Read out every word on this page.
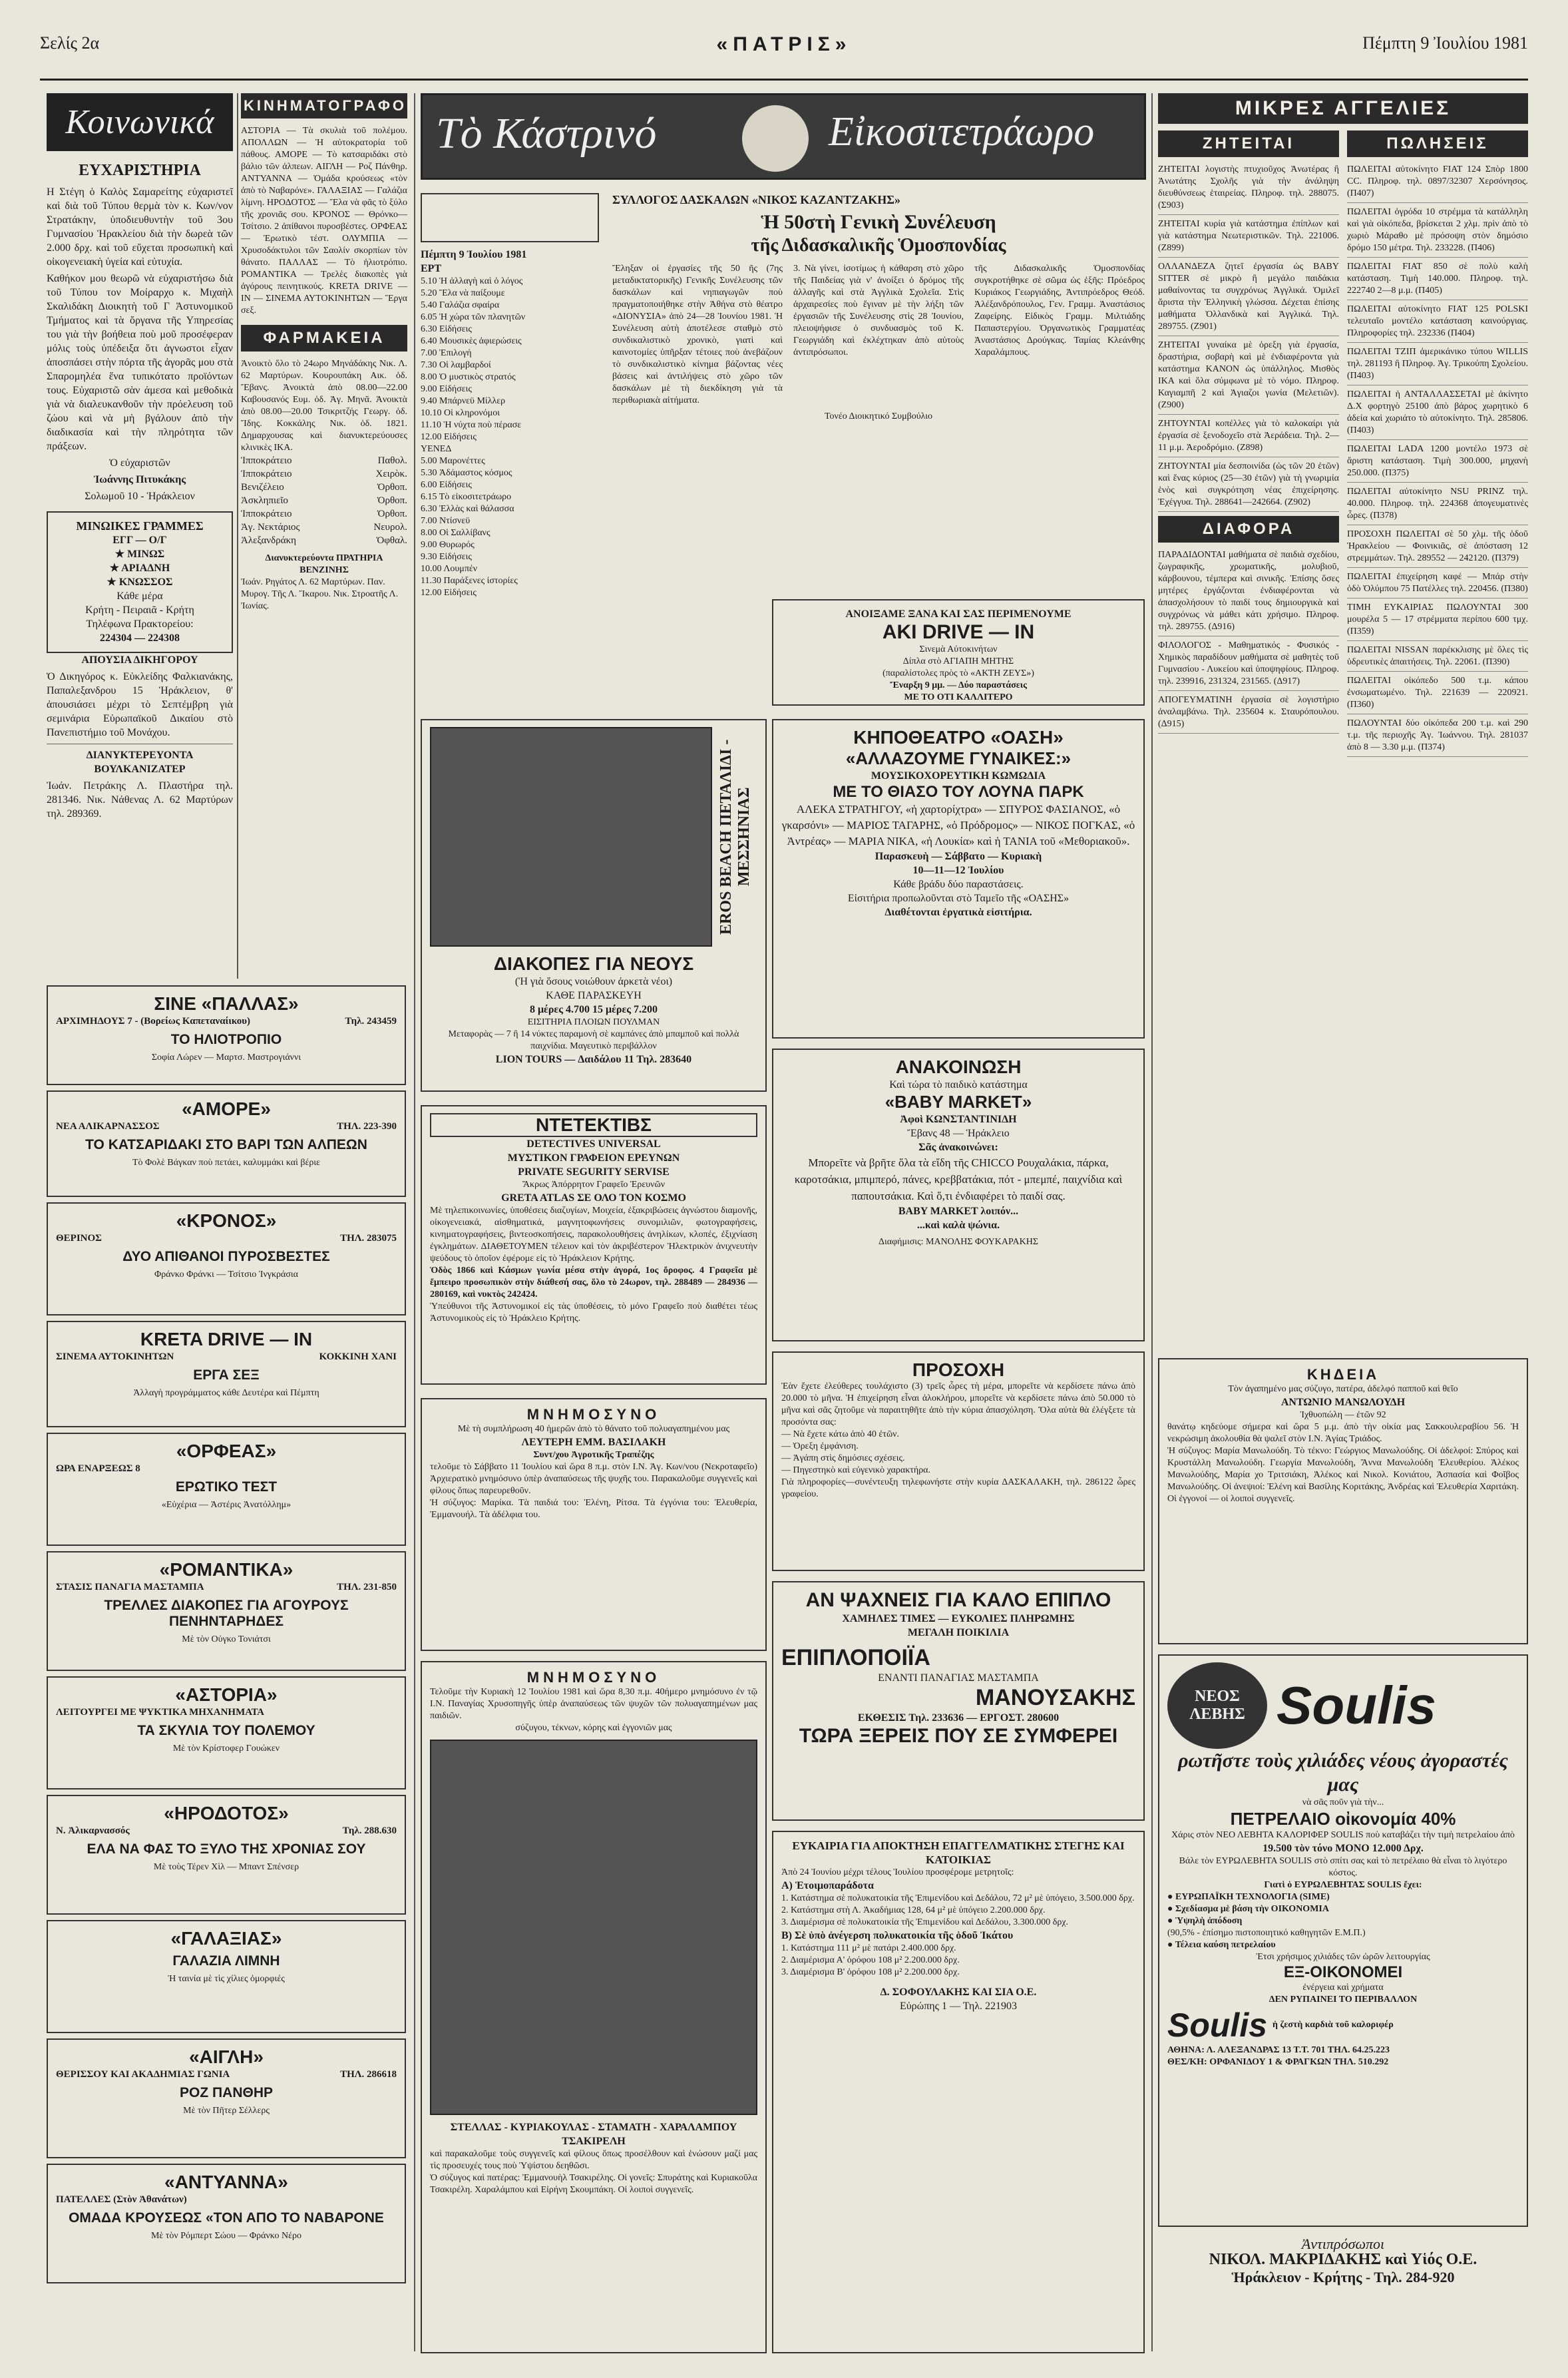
Σελίς 2α	«ΠΑΤΡΙΣ»	Πέμπτη 9 Ἰουλίου 1981
Κοινωνικά
ΕΥΧΑΡΙΣΤΗΡΙΑ

Η Στέγη ὁ Καλὸς Σαμαρείτης εὐχαριστεῖ καὶ διὰ τοῦ Τύπου θερμὰ τὸν κ. Κων/νον Στρατάκην, ὑποδιευθυντὴν τοῦ 3ου Γυμνασίου Ἡρακλείου διὰ τὴν δωρεὰ τῶν 2.000 δρχ. καὶ τοῦ εὔχεται προσωπικὴ καὶ οἰκογενειακὴ ὑγεία καὶ εὐτυχία.

Καθήκον μου θεωρῶ νὰ εὐχαριστήσω διὰ τοῦ Τύπου τον Μοίραρχο κ. Μιχαὴλ Σκαλιδάκη Διοικητὴ τοῦ Γ Ἀστυνομικοῦ Τμήματος καὶ τὰ ὄργανα τῆς Υπηρεσίας του γιὰ τὴν βοήθεια ποὺ μοῦ προσέφεραν μόλις τοὺς ὑπέδειξα ὅτι ἀγνωστοι εἶχαν ἀποσπάσει στὴν πόρτα τῆς ἀγορᾶς μου στὰ Σπαρομηλέα ἕνα τυπικότατο προϊόντων τους. Εὐχαριστῶ σὰν άμεσα καὶ μεθοδικὰ γιὰ νὰ διαλευκανθοῦν τὴν πρόελευση τοῦ ζώου καὶ νὰ μὴ βγάλουν ἀπὸ τὴν διαδικασία καὶ τὴν πληρότητα τῶν πράξεων.

Ὁ εὐχαριστῶν

Ἰωάννης Πιτυκάκης

Σολωμοῦ 10 - Ἡράκλειον

ΜΙΝΩΙΚΕΣ ΓΡΑΜΜΕΣ
ΕΓΓ — Ο/Γ
★ ΜΙΝΩΣ
★ ΑΡΙΑΔΝΗ
★ ΚΝΩΣΣΟΣ
Κάθε μέρα
Κρήτη - Πειραιᾶ - Κρήτη
Τηλέφωνα Πρακτορείου:
224304 — 224308

ΑΠΟΥΣΙΑ ΔΙΚΗΓΟΡΟΥ

Ὁ Δικηγόρος κ. Εὐκλείδης Φαλκιανάκης, Παπαλεξανδρου 15 Ἡράκλειον, θ' ἀπουσιάσει μέχρι τὸ Σεπτέμβρη γιὰ σεμινάρια Εὐρωπαϊκοῦ Δικαίου στὸ Πανεπιστήμιο τοῦ Μονάχου.

ΔΙΑΝΥΚΤΕΡΕΥΟΝΤΑ ΒΟΥΛΚΑΝΙΖΑΤΕΡ

Ἰωάν. Πετράκης Λ. Πλαστήρα τηλ. 281346. Νικ. Νάθενας Λ. 62 Μαρτύρων τηλ. 289369.

ΚΙΝΗΜΑΤΟΓΡΑΦΟΙ
ΑΣΤΟΡΙΑ — Τὰ σκυλιὰ τοῦ πολέμου. ΑΠΟΛΛΩΝ — Ἡ αὐτοκρατορία τοῦ πάθους. ΑΜΟΡΕ — Τὸ κατσαριδάκι στὸ βάλιο τῶν ἀλπεων. ΑΙΓΛΗ — Ροζ Πάνθηρ. ΑΝΤΥΑΝΝΑ — Ὀμάδα κρούσεως «τὸν ἀπὸ τὸ Ναβαρόνε». ΓΑΛΑΞΙΑΣ — Γαλάζια λίμνη. ΗΡΟΔΟΤΟΣ — Ἕλα νὰ φᾶς τὸ ξύλο τῆς χρονιᾶς σου. ΚΡΟΝΟΣ — Θρόνκο—Τσίτσιο. 2 ἀπίθανοι πυροσβέστες. ΟΡΦΕΑΣ — Ἐρωτικὸ τέστ. ΟΛΥΜΠΙΑ — Χρυσοδάκτυλοι τῶν Σαολίν σκορπίων τὸν θάνατο. ΠΑΛΛΑΣ — Τὸ ἡλιοτρόπιο. ΡΟΜΑΝΤΙΚΑ — Τρελὲς διακοπὲς γιὰ ἀγόρους πεινητικούς. KRETA DRIVE — IN — ΣΙΝΕΜΑ ΑΥΤΟΚΙΝΗΤΩΝ — Ἔργα σεξ.
ΦΑΡΜΑΚΕΙΑ
Ἀνοικτὸ ὅλο τὸ 24ωρο Μηνάδάκης Νικ. Λ. 62 Μαρτύρων. Κουρουπάκη Αικ. ὁδ. Ἔβανς. Ἀνοικτὰ ἀπὸ 08.00—22.00 Καβουσανός Ευμ. ὁδ. Ἀγ. Μηνᾶ. Ἀνοικτὰ ἀπὸ 08.00—20.00 Τσικριτζής Γεωργ. ὁδ. Ἴδης. Κοκκάλης Νικ. ὁδ. 1821. Δημαρχουσας καὶ διανυκτερεύουσες κλινικὲς ΙΚΑ.
Ἱπποκράτειο	Παθολ.
Ἱπποκράτειο	Χειρὸκ.
Βενιζέλειο	Ὀρθοπ.
Ἀσκληπιεῖο	Ὀρθοπ.
Ἱπποκράτειο	Ὀρθοπ.
Ἀγ. Νεκτάριος	Νευρολ.
Ἀλεξανδράκη	Ὀφθαλ.
Διανυκτερεύοντα ΠΡΑΤΗΡΙΑ ΒΕΝΖΙΝΗΣ
Ἰωάν. Ρηγάτος Λ. 62 Μαρτύρων. Παν. Μυρογ. Τῆς Λ. Ἴκαρου. Νικ. Στροατῆς Λ. Ἰωνίας.
ΣΙΝΕ «ΠΑΛΛΑΣ»
ΑΡΧΙΜΗΔΟΥΣ 7 - (Βορείως Καπεταναίικου)	Τηλ. 243459
ΤΟ ΗΛΙΟΤΡΟΠΙΟ
Σοφία Λώρεν — Μαρτσ. Μαστρογιάννι
«ΑΜΟΡΕ»
ΝΕΑ ΑΛΙΚΑΡΝΑΣΣΟΣ	ΤΗΛ. 223-390
ΤΟ ΚΑΤΣΑΡΙΔΑΚΙ ΣΤΟ ΒΑΡΙ ΤΩΝ ΑΛΠΕΩΝ
Τὸ Φολὲ Βάγκαν ποὺ πετάει, καλυμμάκι καὶ βέριε
«ΚΡΟΝΟΣ»
ΘΕΡΙΝΟΣ	ΤΗΛ. 283075
ΔΥΟ ΑΠΙΘΑΝΟΙ ΠΥΡΟΣΒΕΣΤΕΣ
Φράνκο Φράνκι — Τσίτσιο Ἰνγκράσια
KRETA DRIVE — IN
ΣΙΝΕΜΑ ΑΥΤΟΚΙΝΗΤΩΝ	ΚΟΚΚΙΝΗ ΧΑΝΙ
ΕΡΓΑ ΣΕΞ
Ἀλλαγὴ προγράμματος κάθε Δευτέρα καὶ Πέμπτη
«ΟΡΦΕΑΣ»
ΩΡΑ ΕΝΑΡΞΕΩΣ 8
ΕΡΩΤΙΚΟ ΤΕΣΤ
«Εὐχέρια — Ἀστέρις Ἀνατόλλημ»
«ΡΟΜΑΝΤΙΚΑ»
ΣΤΑΣΙΣ ΠΑΝΑΓΙΑ ΜΑΣΤΑΜΠΑ	ΤΗΛ. 231-850
ΤΡΕΛΛΕΣ ΔΙΑΚΟΠΕΣ ΓΙΑ ΑΓΟΥΡΟΥΣ ΠΕΝΗΝΤΑΡΗΔΕΣ
Μὲ τὸν Οὐγκο Τονιάτσι
«ΑΣΤΟΡΙΑ»
ΛΕΙΤΟΥΡΓΕΙ ΜΕ ΨΥΚΤΙΚΑ ΜΗΧΑΝΗΜΑΤΑ
ΤΑ ΣΚΥΛΙΑ ΤΟΥ ΠΟΛΕΜΟΥ
Μὲ τὸν Κρίστοφερ Γουώκεν
«ΗΡΟΔΟΤΟΣ»
Ν. Ἀλικαρνασσός	Τηλ. 288.630
ΕΛΑ ΝΑ ΦΑΣ ΤΟ ΞΥΛΟ ΤΗΣ ΧΡΟΝΙΑΣ ΣΟΥ
Μὲ τοὺς Τέρεν Χὶλ — Μπαντ Σπένσερ
«ΓΑΛΑΞΙΑΣ»
ΓΑΛΑΖΙΑ ΛΙΜΝΗ
Ἡ ταινία μὲ τὶς χίλιες ὀμορφιές
«ΑΙΓΛΗ»
ΘΕΡΙΣΣΟΥ ΚΑΙ ΑΚΑΔΗΜΙΑΣ ΓΩΝΙΑ	ΤΗΛ. 286618
ΡΟΖ ΠΑΝΘΗΡ
Μὲ τὸν Πῆτερ Σέλλερς
«ΑΝΤΥΑΝΝΑ»
ΠΑΤΕΛΛΕΣ (Στὸν Ἀθανάτων)
ΟΜΑΔΑ ΚΡΟΥΣΕΩΣ «ΤΟΝ ΑΠΟ ΤΟ ΝΑΒΑΡΟΝΕ
Μὲ τὸν Ρόμπερτ Σώου — Φράνκο Νέρο
Τὸ Κάστρινό	Εἰκοσιτετράωρο
Πέμπτη 9 Ἰουλίου 1981
ΕΡΤ
5.10 Ἡ ἀλλαγὴ καὶ ὁ λόγος
5.20 Ἕλα νὰ παίξουμε
5.40 Γαλάζια σφαίρα
6.05 Ἡ χώρα τῶν πλανητῶν
6.30 Εἰδήσεις
6.40 Μουσικὲς ἀφιερώσεις
7.00 Ἐπιλογή
7.30 Οἱ λαμβαρδοί
8.00 Ὁ μυστικὸς στρατός
9.00 Εἰδήσεις
9.40 Μπάρνεϋ Μίλλερ
10.10 Οἱ κληρονόμοι
11.10 Ἡ νύχτα ποὺ πέρασε
12.00 Εἰδήσεις
ΥΕΝΕΔ
5.00 Μαρονέττες
5.30 Ἀδάμαστος κόσμος
6.00 Εἰδήσεις
6.15 Τὸ εἰκοσιτετράωρο
6.30 Ἑλλὰς καὶ θάλασσα
7.00 Ντίσνεϋ
8.00 Οἱ Σαλλίβανς
9.00 Θυρωρός
9.30 Εἰδήσεις
10.00 Λουμπέν
11.30 Παράξενες ἱστορίες
12.00 Εἰδήσεις
ΣΥΛΛΟΓΟΣ ΔΑΣΚΑΛΩΝ «ΝΙΚΟΣ ΚΑΖΑΝΤΖΑΚΗΣ»
Ἡ 50στὴ Γενικὴ Συνέλευση
τῆς Διδασκαλικῆς Ὁμοσπονδίας
Ἔληξαν οἱ ἐργασίες τῆς 50 ῆς (7ης μεταδικτατορικῆς) Γενικῆς Συνέλευσης τῶν δασκάλων καὶ νηπιαγωγῶν ποὺ πραγματοποιήθηκε στὴν Ἀθήνα στὸ θέατρο «ΔΙΟΝΥΣΙΑ» ἀπὸ 24—28 Ἰουνίου 1981. Ἡ Συνέλευση αὐτὴ ἀποτέλεσε σταθμὸ στὸ συνδικαλιστικὸ χρονικὸ, γιατὶ καὶ καινοτομίες ὑπῆρξαν τέτοιες ποὺ ἀνεβάζουν τὸ συνδικαλιστικὸ κίνημα βάζοντας νέες βάσεις καὶ ἀντιλήψεις στὸ χῶρο τῶν δασκάλων μὲ τὴ διεκδίκηση γιὰ τὰ περιθωριακὰ αἰτήματα.
3. Νὰ γίνει, ἰσοτίμως ἡ κάθαρση στὸ χῶρο τῆς Παιδείας γιὰ ν' ἀνοίξει ὁ δρόμος τῆς ἀλλαγῆς καὶ στὰ Ἀγγλικὰ Σχολεῖα. Στὶς ἀρχαιρεσίες ποὺ ἔγιναν μὲ τὴν λήξη τῶν ἐργασιῶν τῆς Συνέλευσης στὶς 28 Ἰουνίου, πλειοψήφισε ὁ συνδυασμὸς τοῦ Κ. Γεωργιάδη καὶ ἐκλέχτηκαν ἀπὸ αὐτοὺς ἀντιπρόσωποι.
τῆς Διδασκαλικῆς Ὁμοσπονδίας συγκροτήθηκε σὲ σῶμα ὡς ἑξῆς: Πρόεδρος Κυριάκος Γεωργιάδης, Ἀντιπρόεδρος Θεόδ. Ἀλέξανδρόπουλος, Γεν. Γραμμ. Ἀναστάσιος Ζαφείρης. Εἰδικὸς Γραμμ. Μιλτιάδης Παπαστεργίου. Ὀργανωτικὸς Γραμματέας Ἀναστάσιος Δρούγκας. Ταμίας Κλεάνθης Χαραλάμπους.
Τονέο Διοικητικό Συμβούλιο
ΑΝΟΙΞΑΜΕ ΞΑΝΑ ΚΑΙ ΣΑΣ ΠΕΡΙΜΕΝΟΥΜΕ
AKI DRIVE — IN
Σινεμὰ Αὐτοκινήτων
Δίπλα στὸ ΑΓΙΑΠΗ ΜΗΤΗΣ
(παραλίστολες πρὸς τὸ «ΑΚΤΗ ΖΕΥΣ»)
Ἔναρξη 9 μμ. — Δύο παραστάσεις
ΜΕ ΤΟ ΟΤΙ ΚΑΛΛΙΤΕΡΟ
EROS BEACH ΠΕΤΑΛΙΔΙ - ΜΕΣΣΗΝΙΑΣ
ΔΙΑΚΟΠΕΣ ΓΙΑ ΝΕΟΥΣ
(Ἡ γιὰ ὅσους νοιώθουν ἀρκετὰ νέοι)
ΚΑΘΕ ΠΑΡΑΣΚΕΥΗ
8 μέρες 4.700 15 μέρες 7.200
ΕΙΣΙΤΗΡΙΑ ΠΛΟΙΩΝ ΠΟΥΛΜΑΝ
Μεταφορὰς — 7 ἢ 14 νύκτες παραμονὴ σὲ καμπάνες ἀπὸ μπαμποῦ καὶ πολλὰ παιχνίδια. Μαγευτικὸ περιβάλλον
LION TOURS — Δαιδάλου 11 Τηλ. 283640
ΝΤΕΤΕΚΤΙΒΣ
DETECTIVES UNIVERSAL
ΜΥΣΤΙΚΟΝ ΓΡΑΦΕΙΟΝ ΕΡΕΥΝΩΝ
PRIVATE SEGURITY SERVISE
Ἄκρως Ἀπόρρητον Γραφεῖο Ἐρευνῶν
GRETA ATLAS ΣΕ ΟΛΟ ΤΟΝ ΚΟΣΜΟ
Μὲ τηλεπικοινωνίες, ὑποθέσεις διαζυγίων, Μοιχεία, ἐξακριβώσεις ἀγνώστου διαμονῆς, οἰκογενειακά, αἰσθηματικά, μαγνητοφωνήσεις συνομιλιῶν, φωτογραφήσεις, κινηματογραφήσεις, βιντεοσκοπήσεις, παρακολουθήσεις ἀνηλίκων, κλοπές, ἐξιχνίαση ἐγκλημάτων. ΔΙΑΘΕΤΟΥΜΕΝ τέλειον καὶ τὸν ἀκριβέστερον Ἠλεκτρικὸν ἀνιχνευτὴν ψεύδους τὸ ὁποῖον ἐφέρομε εἰς τὸ Ἡράκλειον Κρήτης.
Ὁδὸς 1866 καὶ Κάσμων γωνία μέσα στὴν ἀγορά, 1ος ὄροφος. 4 Γραφεῖα μὲ ἔμπειρο προσωπικὸν στὴν διάθεσή σας, ὅλο τὸ 24ωρον, τηλ. 288489 — 284936 — 280169, καὶ νυκτὸς 242424.
Ὑπεύθυνοι τῆς Ἀστυνομικοί εἰς τὰς ὑποθέσεις, τὸ μόνο Γραφεῖο ποὺ διαθέτει τέως Ἀστυνομικοὺς εἰς τὸ Ἡράκλειο Κρήτης.
ΚΗΠΟΘΕΑΤΡΟ «ΟΑΣΗ»
«ΑΛΛΑΖΟΥΜΕ ΓΥΝΑΙΚΕΣ:»
ΜΟΥΣΙΚΟΧΟΡΕΥΤΙΚΗ ΚΩΜΩΔΙΑ
ΜΕ ΤΟ ΘΙΑΣΟ ΤΟΥ ΛΟΥΝΑ ΠΑΡΚ
ΑΛΕΚΑ ΣΤΡΑΤΗΓΟΥ, «ἡ χαρτορίχτρα» — ΣΠΥΡΟΣ ΦΑΣΙΑΝΟΣ, «ὁ γκαρσόνι» — ΜΑΡΙΟΣ ΤΑΓΑΡΗΣ, «ὁ Πρόδρομος» — ΝΙΚΟΣ ΠΟΓΚΑΣ, «ὁ Ἀντρέας» — ΜΑΡΙΑ ΝΙΚΑ, «ἡ Λουκία» καὶ ἡ ΤΑΝΙΑ τοῦ «Μεθοριακοῦ».
Παρασκευὴ — Σάββατο — Κυριακὴ
10—11—12 Ἰουλίου
Κάθε βράδυ δύο παραστάσεις.
Εἰσιτήρια προπωλοῦνται στὸ Ταμεῖο τῆς «ΟΑΣΗΣ»
Διαθέτονται ἐργατικὰ εἰσιτήρια.
ΑΝΑΚΟΙΝΩΣΗ
Καὶ τώρα τὸ παιδικὸ κατάστημα
«BABY MARKET»
Ἀφοὶ ΚΩΝΣΤΑΝΤΙΝΙΔΗ
Ἔβανς 48 — Ἡράκλειο
Σᾶς ἀνακοινώνει:
Μπορεῖτε νὰ βρῆτε ὅλα τὰ εἴδη τῆς CHICCO Ρουχαλάκια, πάρκα, καροτσάκια, μπιμπερό, πάνες, κρεββατάκια, πότ - μπεμπέ, παιχνίδια καὶ παπουτσάκια. Καὶ ὅ,τι ἐνδιαφέρει τὸ παιδί σας.
BABY MARKET λοιπόν...
...καὶ καλὰ ψώνια.
Διαφήμισις: ΜΑΝΟΛΗΣ ΦΟΥΚΑΡΑΚΗΣ
ΜΝΗΜΟΣΥΝΟ
Μὲ τὴ συμπλήρωση 40 ἡμερῶν ἀπὸ τὸ θάνατο τοῦ πολυαγαπημένου μας
ΛΕΥΤΕΡΗ ΕΜΜ. ΒΑΣΙΛΑΚΗ
Συντ/χου Ἀγροτικῆς Τραπέζης
τελοῦμε τὸ Σάββατο 11 Ἰουλίου καὶ ὥρα 8 π.μ. στὸν Ι.Ν. Ἁγ. Κων/νου (Νεκροταφεῖο) Ἀρχιερατικὸ μνημόσυνο ὑπὲρ ἀναπαύσεως τῆς ψυχῆς του. Παρακαλοῦμε συγγενεῖς καὶ φίλους ὅπως παρευρεθοῦν.
Ἡ σύζυγος: Μαρίκα. Τὰ παιδιά του: Ἐλένη, Ρίτσα. Τὰ ἐγγόνια του: Ἐλευθερία, Ἐμμανουήλ. Τὰ ἀδέλφια του.
ΜΝΗΜΟΣΥΝΟ
Τελοῦμε τὴν Κυριακὴ 12 Ἰουλίου 1981 καὶ ὥρα 8,30 π.μ. 40ήμερο μνημόσυνο ἐν τῷ Ι.Ν. Παναγίας Χρυσοπηγῆς ὑπὲρ ἀναπαύσεως τῶν ψυχῶν τῶν πολυαγαπημένων μας παιδιῶν.
σύζυγου, τέκνων, κόρης καὶ ἐγγονιῶν μας
ΣΤΕΛΛΑΣ - ΚΥΡΙΑΚΟΥΛΑΣ - ΣΤΑΜΑΤΗ - ΧΑΡΑΛΑΜΠΟΥ ΤΣΑΚΙΡΕΛΗ
καὶ παρακαλοῦμε τοὺς συγγενεῖς καὶ φίλους ὅπως προσέλθουν καὶ ἑνώσουν μαζί μας τὶς προσευχές τους ποὺ Ὑψίστου δεηθῶσι.
Ὁ σύζυγος καὶ πατέρας: Ἐμμανουὴλ Τσακιρέλης. Οἱ γονεῖς: Σπυράτης καὶ Κυριακοῦλα Τσακιρέλη. Χαραλάμπου καὶ Εἰρήνη Σκουμπάκη. Οἱ λοιποὶ συγγενεῖς.
ΠΡΟΣΟΧΗ
Ἐὰν ἔχετε ἐλεύθερες τουλάχιστο (3) τρεῖς ὧρες τὴ μέρα, μπορεῖτε νὰ κερδίσετε πάνω ἀπὸ 20.000 τὸ μῆνα. Ἡ ἐπιχείρηση εἶναι ἀλοκλήρου, μπορεῖτε νὰ κερδίσετε πάνω ἀπὸ 50.000 τὸ μῆνα καὶ σᾶς ζητοῦμε νὰ παραιτηθῆτε ἀπὸ τὴν κύρια ἀπασχόληση. Ὅλα αὐτὰ θὰ ἐλέγξετε τὰ προσόντα σας:
— Νὰ ἔχετε κάτω ἀπὸ 40 ἐτῶν.
— Ὀρεξη ἐμφάνιση.
— Ἀγάπη στὶς δημόσιες σχέσεις.
— Πηγεστηκὸ καὶ εὐγενικὸ χαρακτήρα.
Γιὰ πληροφορίες—συνέντευξη τηλεφωνήστε στὴν κυρία ΔΑΣΚΑΛΑΚΗ, τηλ. 286122 ὧρες γραφείου.
ΑΝ ΨΑΧΝΕΙΣ ΓΙΑ ΚΑΛΟ ΕΠΙΠΛΟ
ΧΑΜΗΛΕΣ ΤΙΜΕΣ — ΕΥΚΟΛΙΕΣ ΠΛΗΡΩΜΗΣ
ΜΕΓΑΛΗ ΠΟΙΚΙΛΙΑ
ΕΠΙΠΛΟΠΟΙΪΑ
ΕΝΑΝΤΙ ΠΑΝΑΓΙΑΣ ΜΑΣΤΑΜΠΑ
ΜΑΝΟΥΣΑΚΗΣ
ΕΚΘΕΣΙΣ Τηλ. 233636 — ΕΡΓΟΣΤ. 280600
ΤΩΡΑ ΞΕΡΕΙΣ ΠΟΥ ΣΕ ΣΥΜΦΕΡΕΙ
ΕΥΚΑΙΡΙΑ ΓΙΑ ΑΠΟΚΤΗΣΗ ΕΠΑΓΓΕΛΜΑΤΙΚΗΣ ΣΤΕΓΗΣ ΚΑΙ ΚΑΤΟΙΚΙΑΣ
Ἀπὸ 24 Ἰουνίου μέχρι τέλους Ἰουλίου προσφέρομε μετρητοῖς:
Α) Ἑτοιμοπαράδοτα
1. Κατάστημα σὲ πολυκατοικία τῆς Ἐπιμενίδου καὶ Δεδάλου, 72 μ² μὲ ὑπόγειο, 3.500.000 δρχ.
2. Κατάστημα στὴ Λ. Ἀκαδήμιας 128, 64 μ² μὲ ὑπόγειο 2.200.000 δρχ.
3. Διαμέρισμα σὲ πολυκατοικία τῆς Ἐπιμενίδου καὶ Δεδάλου, 3.300.000 δρχ.
Β) Σὲ ὑπὸ ἀνέγερση πολυκατοικία τῆς ὁδοῦ Ἰκάτου
1. Κατάστημα 111 μ² μὲ πατάρι 2.400.000 δρχ.
2. Διαμέρισμα Α' ὀρόφου 108 μ² 2.200.000 δρχ.
3. Διαμέρισμα Β' ὀρόφου 108 μ² 2.200.000 δρχ.
Δ. ΣΟΦΟΥΛΑΚΗΣ ΚΑΙ ΣΙΑ Ο.Ε.
Εὐρώπης 1 — Τηλ. 221903
ΜΙΚΡΕΣ ΑΓΓΕΛΙΕΣ
ΖΗΤΕΙΤΑΙ
ΖΗΤΕΙΤΑΙ λογιστὴς πτυχιοῦχος Ἀνωτέρας ἢ Ἀνωτάτης Σχολῆς γιὰ τὴν ἀνάληψη διευθύνσεως ἑταιρείας. Πληροφ. τηλ. 288075. (Σ903)
ΖΗΤΕΙΤΑΙ κυρία γιὰ κατάστημα ἐπίπλων καὶ γιὰ κατάστημα Νεωτεριστικῶν. Τηλ. 221006. (Ζ899)
ΟΛΛΑΝΔΕΖΑ ζητεῖ ἐργασία ὡς BABY SITTER σὲ μικρὸ ἢ μεγάλο παιδάκια μαθαίνοντας τα συγχρόνως Ἀγγλικά. Ὁμιλεῖ ἄριστα τὴν Ἑλληνικὴ γλώσσα. Δέχεται ἐπίσης μαθήματα Ὀλλανδικὰ καὶ Ἀγγλικά. Τηλ. 289755. (Ζ901)
ΖΗΤΕΙΤΑΙ γυναίκα μὲ ὁρεξη γιὰ ἐργασία, δραστήρια, σοβαρὴ καὶ μὲ ἐνδιαφέροντα γιὰ κατάστημα ΚΑΝΟΝ ὡς ὑπάλληλος. Μισθὸς ΙΚΑ καὶ ὅλα σύμφωνα μὲ τὸ νόμο. Πληροφ. Καγιαμπῆ 2 καὶ Ἀγιαζοι γωνία (Μελετιῶν). (Ζ900)
ΖΗΤΟΥΝΤΑΙ κοπέλλες γιὰ τὸ καλοκαίρι γιὰ ἐργασία σὲ ξενοδοχεῖο στὰ Ἀεράδεια. Τηλ. 2—11 μ.μ. Ἀεροδρόμιο. (Ζ898)
ΖΗΤΟΥΝΤΑΙ μία δεσποινίδα (ὡς τῶν 20 ἐτῶν) καὶ ἕνας κύριος (25—30 ἐτῶν) γιὰ τὴ γνωριμία ἑνὸς καὶ συγκρότηση νέας ἐπιχείρησης. Ἐχέγγυα. Τηλ. 288641—242664. (Ζ902)
ΔΙΑΦΟΡΑ
ΠΑΡΑΔΙΔΟΝΤΑΙ μαθήματα σὲ παιδιὰ σχεδίου, ζωγραφικῆς, χρωματικῆς, μολυβιοῦ, κάρβουνου, τέμπερα καὶ σινικῆς. Ἐπίσης ὅσες μητέρες ἐργάζονται ἐνδιαφέρονται νὰ ἀπασχολήσουν τὸ παιδί τους δημιουργικὰ καὶ συγχρόνως νὰ μάθει κάτι χρήσιμο. Πληροφ. τηλ. 289755. (Δ916)
ΦΙΛΟΛΟΓΟΣ - Μαθηματικός - Φυσικός - Χημικὸς παραδίδουν μαθήματα σὲ μαθητὲς τοῦ Γυμνασίου - Λυκείου καὶ ὑποψηφίους. Πληροφ. τηλ. 239916, 231324, 231565. (Δ917)
ΑΠΟΓΕΥΜΑΤΙΝΗ ἐργασία σὲ λογιστήριο ἀναλαμβάνω. Τηλ. 235604 κ. Σταυρόπουλου. (Δ915)
ΠΩΛΗΣΕΙΣ
ΠΩΛΕΙΤΑΙ αὐτοκίνητο FIAT 124 Σπὸρ 1800 CC. Πληροφ. τηλ. 0897/32307 Χερσόνησος. (Π407)
ΠΩΛΕΙΤΑΙ ὀγρόδα 10 στρέμμα τὰ κατάλληλη καὶ γιὰ οἰκόπεδα, βρίσκεται 2 χλμ. πρὶν ἀπὸ τὸ χωριὸ Μάραθο μὲ πρόσοψη στὸν δημόσιο δρόμο 150 μέτρα. Τηλ. 233228. (Π406)
ΠΩΛΕΙΤΑΙ FIAT 850 σὲ πολὺ καλὴ κατάσταση. Τιμὴ 140.000. Πληροφ. τηλ. 222740 2—8 μ.μ. (Π405)
ΠΩΛΕΙΤΑΙ αὐτοκίνητο FIAT 125 POLSKI τελευταῖο μοντέλο κατάσταση καινούργιας. Πληροφορίες τηλ. 232336 (Π404)
ΠΩΛΕΙΤΑΙ ΤΖΙΠ ἀμερικάνικο τύπου WILLIS τηλ. 281193 ἢ Πληροφ. Ἀγ. Τρικούπη Σχολείου. (Π403)
ΠΩΛΕΙΤΑΙ ἡ ΑΝΤΑΛΛΑΣΣΕΤΑΙ μὲ ἀκίνητο Δ.Χ φορτηγὸ 25100 ἀπὸ βάρος χωρητικὸ 6 ἀδεία καὶ χωριάτο τὸ αὐτοκίνητο. Τηλ. 285806. (Π403)
ΠΩΛΕΙΤΑΙ LADA 1200 μοντέλο 1973 σὲ ἄριστη κατάσταση. Τιμὴ 300.000, μηχανὴ 250.000. (Π375)
ΠΩΛΕΙΤΑΙ αὐτοκίνητο NSU PRINZ τηλ. 40.000. Πληροφ. τηλ. 224368 ἀπογευματινὲς ὧρες. (Π378)
ΠΡΟΣΟΧΗ ΠΩΛΕΙΤΑΙ σὲ 50 χλμ. τῆς ὁδοῦ Ἡρακλείου — Φοινικιᾶς, σὲ ἀπόσταση 12 στρεμμάτων. Τηλ. 289552 — 242120. (Π379)
ΠΩΛΕΙΤΑΙ ἐπιχείρηση καφέ — Μπάρ στὴν ὁδὸ Ὀλύμπου 75 Πατέλλες τηλ. 220456. (Π380)
ΤΙΜΗ ΕΥΚΑΙΡΙΑΣ ΠΩΛΟΥΝΤΑΙ 300 μουρέλα 5 — 17 στρέμματα περίπου 600 τμχ. (Π359)
ΠΩΛΕΙΤΑΙ NISSAN παρέκκλισης μὲ ὅλες τὶς ὑδρευτικὲς ἀπαιτήσεις. Τηλ. 22061. (Π390)
ΠΩΛΕΙΤΑΙ οἰκόπεδο 500 τ.μ. κάπου ἐνσωματωμένο. Τηλ. 221639 — 220921. (Π360)
ΠΩΛΟΥΝΤΑΙ δύο οἰκόπεδα 200 τ.μ. καὶ 290 τ.μ. τῆς περιοχῆς Ἁγ. Ἰωάννου. Τηλ. 281037 ἀπὸ 8 — 3.30 μ.μ. (Π374)
ΚΗΔΕΙΑ
Τὸν ἀγαπημένο μας σύζυγο, πατέρα, ἀδελφό παπποῦ καὶ θεῖο
ΑΝΤΩΝΙΟ ΜΑΝΩΛΟΥΔΗ
Ἰχθυοπώλη — ἐτῶν 92
θανάτῳ κηδεύομε σήμερα καὶ ὥρα 5 μ.μ. ἀπὸ τὴν οἰκία μας Σακκουλεραβίου 56. Ἡ νεκρώσιμη ἀκολουθία θὰ ψαλεῖ στὸν Ι.Ν. Ἁγίας Τριάδος.
Ἡ σύζυγος: Μαρία Μανωλούδη. Τὸ τέκνο: Γεώργιος Μανωλούδης. Οἱ ἀδελφοί: Σπύρος καὶ Κρυστάλλη Μανωλούδη. Γεωργία Μανωλούδη, Ἄννα Μανωλούδη Ἐλευθερίου. Ἀλέκος Μανωλούδης, Μαρία χο Τριτσιάκη, Ἀλέκος καὶ Νικολ. Κονιάτου, Ἀσπασία καὶ Φοῖβος Μανωλούδης. Οἱ ἀνεψιοί: Ἐλένη καὶ Βασίλης Κοριτάκης, Ἀνδρέας καὶ Ἐλευθερία Χαριτάκη. Οἱ ἐγγονοί — οἱ λοιποὶ συγγενεῖς.
ΝΕΟΣ ΛΕΒΗΣ Soulis
ρωτῆστε τοὺς χιλιάδες νέους ἀγοραστές μας
νὰ σᾶς ποῦν γιὰ τὴν...
ΠΕΤΡΕΛΑΙΟ οἰκονομία 40%
Χάρις στὸν ΝΕΟ ΛΕΒΗΤΑ ΚΑΛΟΡΙΦΕΡ SOULIS ποὺ καταβάζει τὴν τιμὴ πετρελαίου ἀπὸ
19.500 τὸν τόνο ΜΟΝΟ 12.000 Δρχ.
Βάλε τὸν ΕΥΡΩΛΕΒΗΤΑ SOULIS στὸ σπίτι σας καὶ τὸ πετρέλαιο θὰ εἶναι τὸ λιγότερο κόστος.
Γιατὶ ὁ ΕΥΡΩΛΕΒΗΤΑΣ SOULIS ἔχει:
● ΕΥΡΩΠΑΪΚΗ ΤΕΧΝΟΛΟΓΙΑ (SIME)
● Σχεδίασμα μὲ βάση τὴν ΟΙΚΟΝΟΜΙΑ
● Ὑψηλὴ ἀπόδοση
(90,5% - ἐπίσημο πιστοποιητικό καθηγητῶν Ε.Μ.Π.)
● Τέλεια καύση πετρελαίου
Ἐτσι χρήσιμος χιλιάδες τῶν ὡρῶν λειτουργίας
ΕΞ-ΟΙΚΟΝΟΜΕΙ
ἐνέργεια καὶ χρήματα
ΔΕΝ ΡΥΠΑΙΝΕΙ ΤΟ ΠΕΡΙΒΑΛΛΟΝ
Soulis ἡ ζεστὴ καρδιὰ τοῦ καλοριφέρ
ΑΘΗΝΑ: Λ. ΑΛΕΞΑΝΔΡΑΣ 13 Τ.Τ. 701 ΤΗΛ. 64.25.223
ΘΕΣ/ΚΗ: ΟΡΦΑΝΙΔΟΥ 1 & ΦΡΑΓΚΩΝ ΤΗΛ. 510.292
Ἀντιπρόσωποι
ΝΙΚΟΛ. ΜΑΚΡΙΔΑΚΗΣ καὶ Υἱός Ο.Ε.
Ἡράκλειον - Κρήτης - Τηλ. 284-920
